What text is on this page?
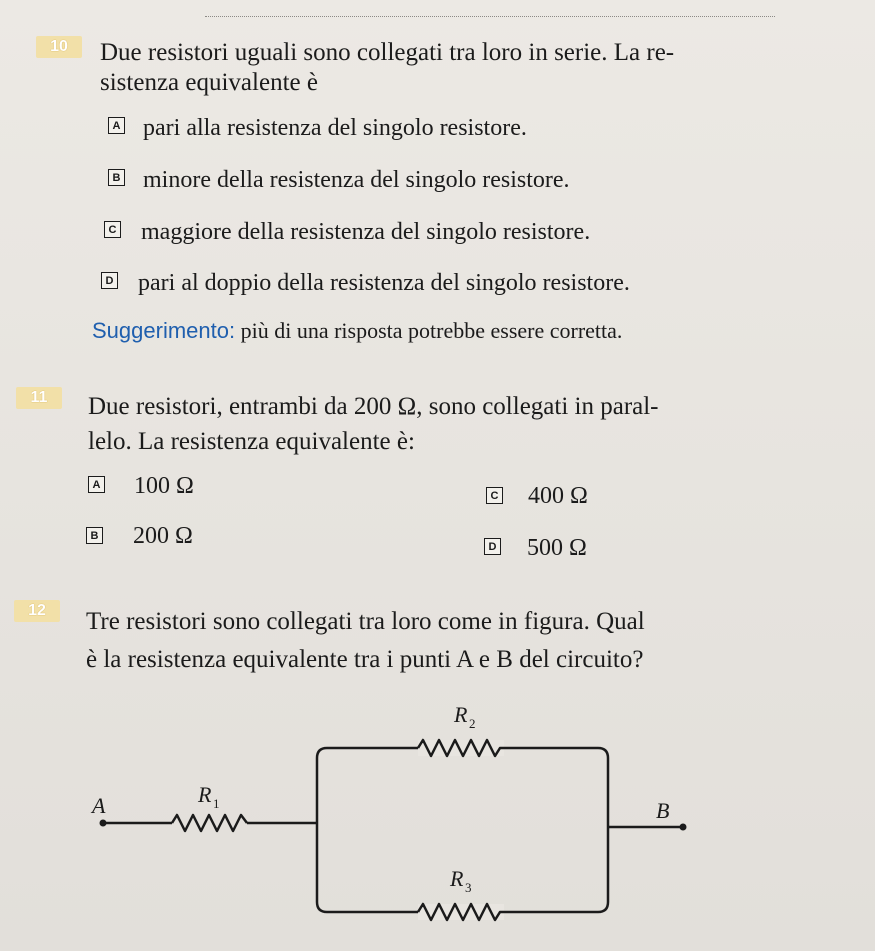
10 Due resistori uguali sono collegati tra loro in serie. La re-
sistenza equivalente è
A pari alla resistenza del singolo resistore.
B minore della resistenza del singolo resistore.
C maggiore della resistenza del singolo resistore.
D pari al doppio della resistenza del singolo resistore.
Suggerimento: più di una risposta potrebbe essere corretta.
11 Due resistori, entrambi da 200 Ω, sono collegati in paral-
lelo. La resistenza equivalente è:
A 100 Ω
B 200 Ω
C 400 Ω
D 500 Ω
12 Tre resistori sono collegati tra loro come in figura. Qual
è la resistenza equivalente tra i punti A e B del circuito?
A	B
R 1
R 2
R 3
